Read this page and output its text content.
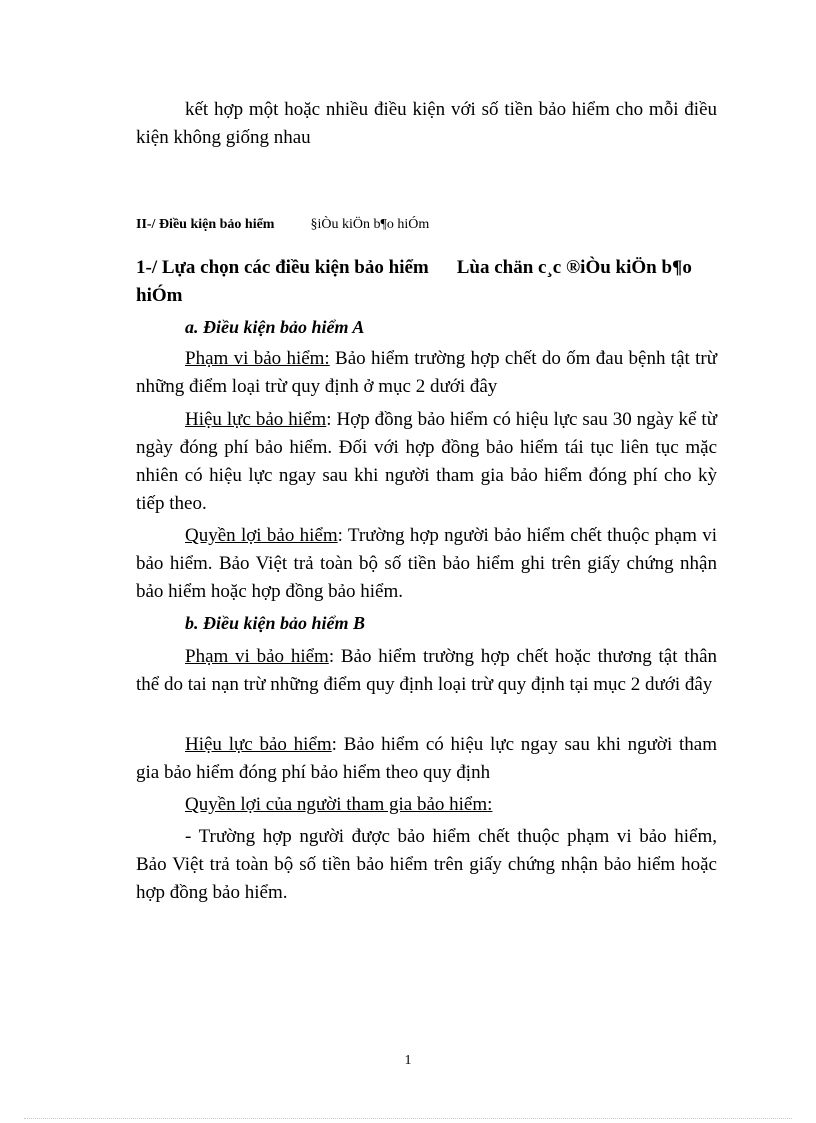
kết hợp một hoặc nhiều điều kiện với số tiền bảo hiểm cho mỗi điều kiện không giống nhau

II-/ Điều kiện bảo hiểm	§iÒu kiÖn b¶o hiÓm

1-/ Lựa chọn các điều kiện bảo hiểm Lùa chän c¸c ®iÒu kiÖn b¶o hiÓm

a. Điều kiện bảo hiểm A

Phạm vi bảo hiểm: Bảo hiểm trường hợp chết do ốm đau bệnh tật trừ những điểm loại trừ quy định ở mục 2 dưới đây

Hiệu lực bảo hiểm: Hợp đồng bảo hiểm có hiệu lực sau 30 ngày kể từ ngày đóng phí bảo hiểm. Đối với hợp đồng bảo hiểm tái tục liên tục mặc nhiên có hiệu lực ngay sau khi người tham gia bảo hiểm đóng phí cho kỳ tiếp theo.

Quyền lợi bảo hiểm: Trường hợp người bảo hiểm chết thuộc phạm vi bảo hiểm. Bảo Việt trả toàn bộ số tiền bảo hiểm ghi trên giấy chứng nhận bảo hiểm hoặc hợp đồng bảo hiểm.

b. Điều kiện bảo hiểm B

Phạm vi bảo hiểm: Bảo hiểm trường hợp chết hoặc thương tật thân thể do tai nạn trừ những điểm quy định loại trừ quy định tại mục 2 dưới đây

Hiệu lực bảo hiểm: Bảo hiểm có hiệu lực ngay sau khi người tham gia bảo hiểm đóng phí bảo hiểm theo quy định

Quyền lợi của người tham gia bảo hiểm:

- Trường hợp người được bảo hiểm chết thuộc phạm vi bảo hiểm, Bảo Việt trả toàn bộ số tiền bảo hiểm trên giấy chứng nhận bảo hiểm hoặc hợp đồng bảo hiểm.

1
